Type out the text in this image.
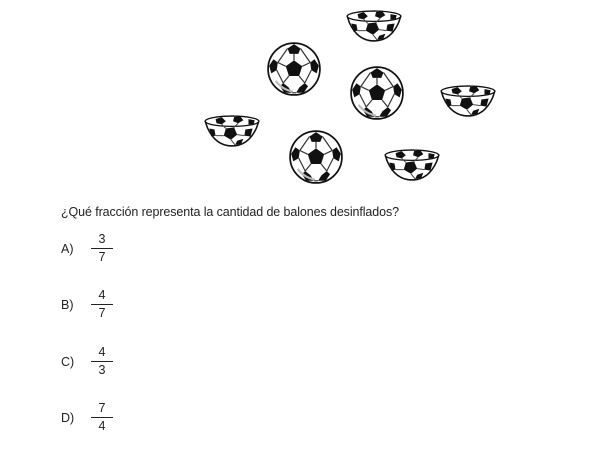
¿Qué fracción representa la cantidad de balones desinflados?
A)
3
7
B)
4
7
C)
4
3
D)
7
4
